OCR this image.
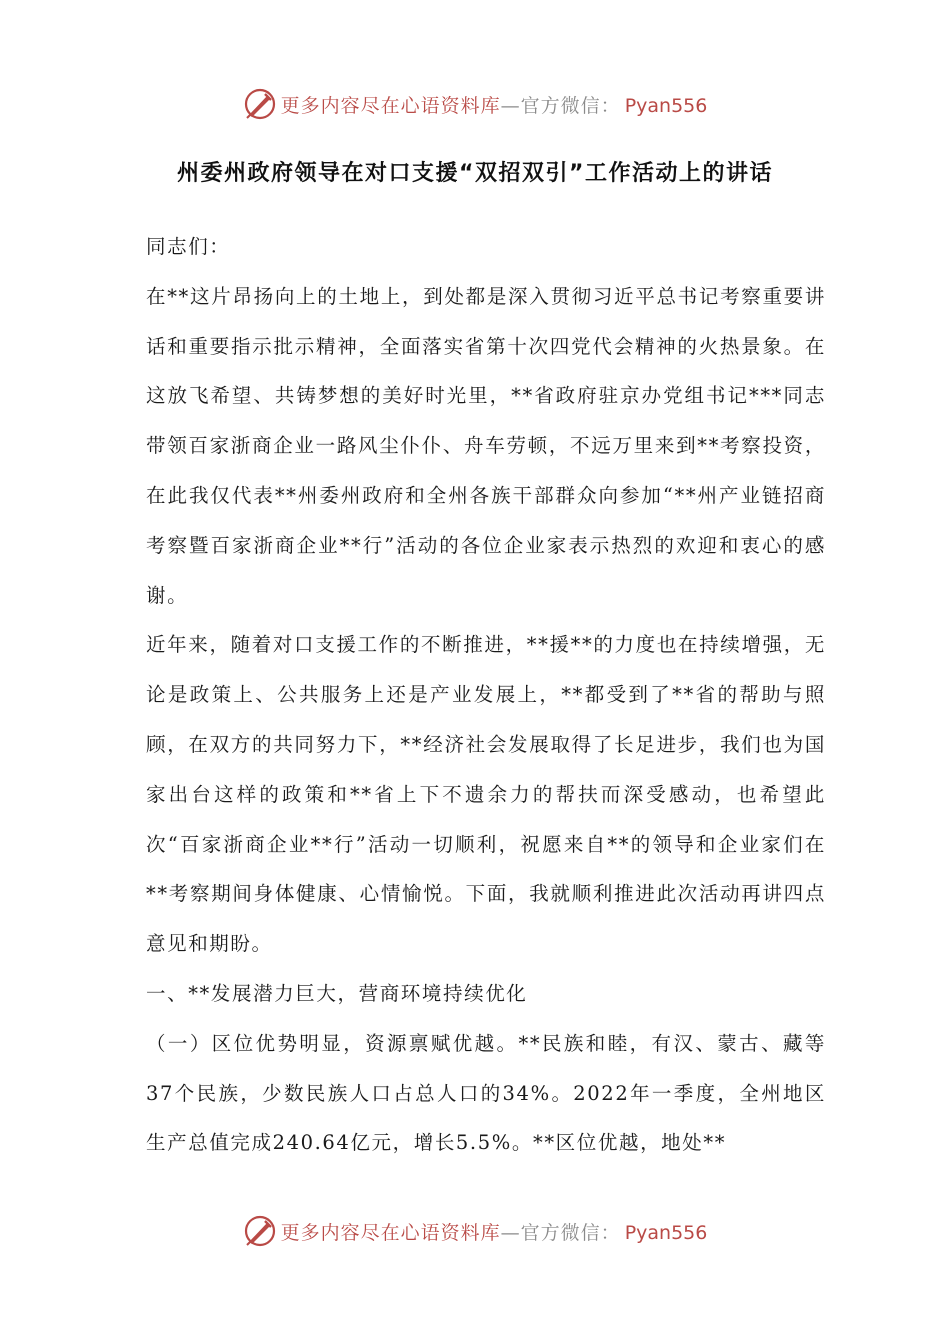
更多内容尽在心语资料库—官方微信： Pyan556
州委州政府领导在对口支援“双招双引”工作活动上的讲话

同志们：

在**这片昂扬向上的土地上，到处都是深入贯彻习近平总书记考察重要讲话和重要指示批示精神，全面落实省第十次四党代会精神的火热景象。在这放飞希望、共铸梦想的美好时光里，**省政府驻京办党组书记***同志带领百家浙商企业一路风尘仆仆、舟车劳顿，不远万里来到**考察投资，在此我仅代表**州委州政府和全州各族干部群众向参加“**州产业链招商考察暨百家浙商企业**行”活动的各位企业家表示热烈的欢迎和衷心的感谢。

近年来，随着对口支援工作的不断推进，**援**的力度也在持续增强，无论是政策上、公共服务上还是产业发展上，**都受到了**省的帮助与照顾，在双方的共同努力下，**经济社会发展取得了长足进步，我们也为国家出台这样的政策和**省上下不遗余力的帮扶而深受感动，也希望此次“百家浙商企业**行”活动一切顺利，祝愿来自**的领导和企业家们在**考察期间身体健康、心情愉悦。下面，我就顺利推进此次活动再讲四点意见和期盼。

一、**发展潜力巨大，营商环境持续优化

（一）区位优势明显，资源禀赋优越。**民族和睦，有汉、蒙古、藏等37个民族，少数民族人口占总人口的34%。2022年一季度，全州地区生产总值完成240.64亿元，增长5.5%。**区位优越，地处**

更多内容尽在心语资料库—官方微信： Pyan556
